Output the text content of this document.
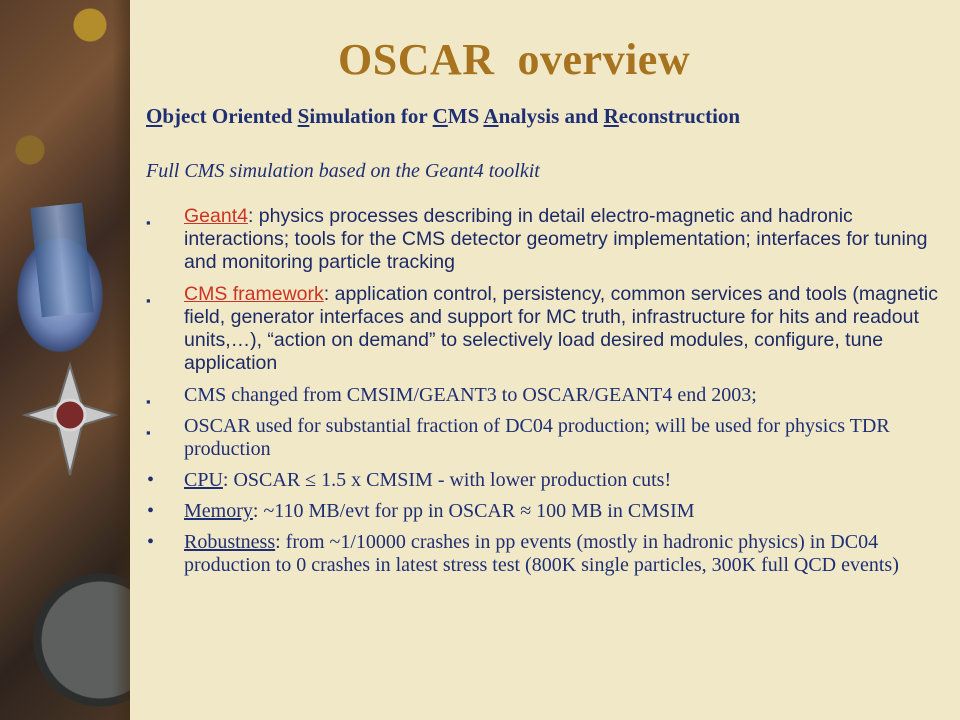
OSCAR  overview
Object Oriented Simulation for CMS Analysis and Reconstruction
Full CMS simulation based on the Geant4 toolkit
▪ Geant4: physics processes describing in detail electro-magnetic and hadronic interactions; tools for the CMS detector geometry implementation; interfaces for tuning and monitoring particle tracking
▪ CMS framework: application control, persistency, common services and tools (magnetic field, generator interfaces and support for MC truth, infrastructure for hits and readout units,…), “action on demand” to selectively load desired modules, configure, tune application
▪ CMS changed from CMSIM/GEANT3 to OSCAR/GEANT4 end 2003;
▪ OSCAR used for substantial fraction of DC04 production; will be used for physics TDR production
• CPU: OSCAR ≤ 1.5 x CMSIM - with lower production cuts!
• Memory: ~110 MB/evt for pp in OSCAR ≈ 100 MB in CMSIM
• Robustness: from ~1/10000 crashes in pp events (mostly in hadronic physics) in DC04 production to 0 crashes in latest stress test (800K single particles, 300K full QCD events)
